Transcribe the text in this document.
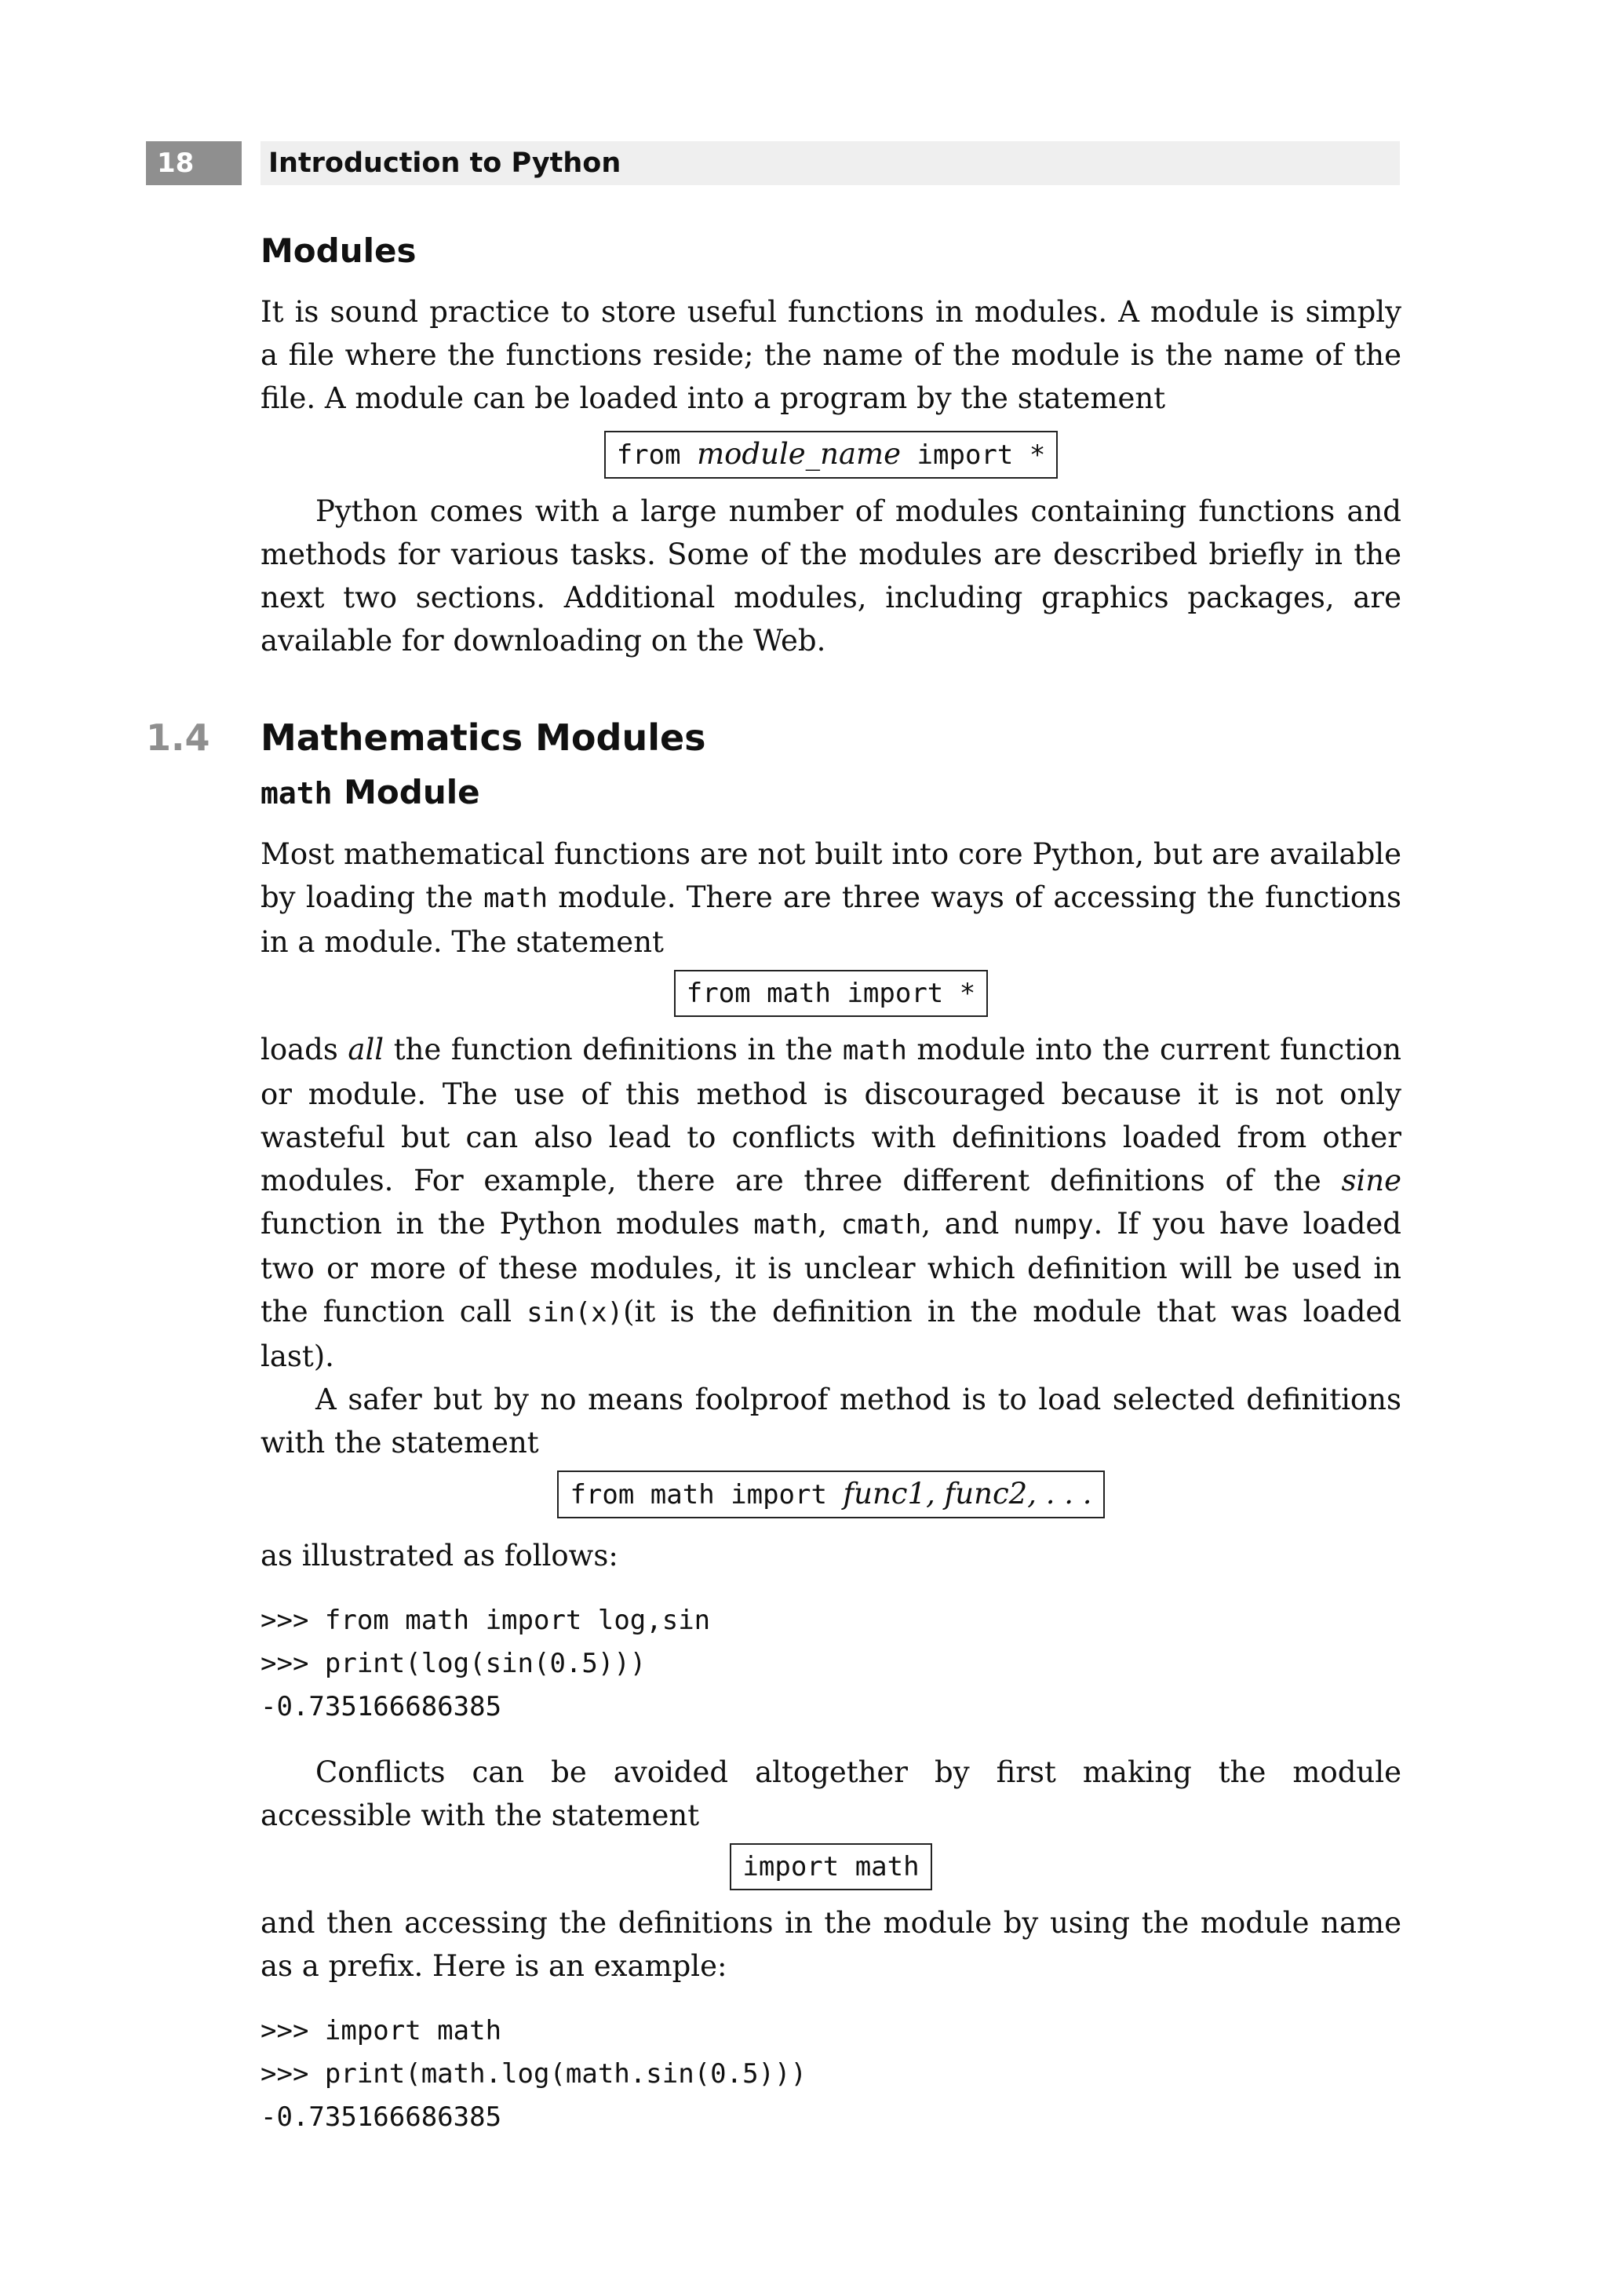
18	Introduction to Python
Modules

It is sound practice to store useful functions in modules. A module is simply a file where the functions reside; the name of the module is the name of the file. A module can be loaded into a program by the statement

from module_name import *

Python comes with a large number of modules containing functions and methods for various tasks. Some of the modules are described briefly in the next two sections. Additional modules, including graphics packages, are available for downloading on the Web.

1.4 Mathematics Modules
math Module

Most mathematical functions are not built into core Python, but are available by loading the math module. There are three ways of accessing the functions in a module. The statement

from math import *

loads all the function definitions in the math module into the current function or module. The use of this method is discouraged because it is not only wasteful but can also lead to conflicts with definitions loaded from other modules. For example, there are three different definitions of the sine function in the Python modules math, cmath, and numpy. If you have loaded two or more of these modules, it is unclear which definition will be used in the function call sin(x)(it is the definition in the module that was loaded last).

A safer but by no means foolproof method is to load selected definitions with the statement

from math import func1, func2, . . .

as illustrated as follows:

>>> from math import log,sin
>>> print(log(sin(0.5)))
-0.735166686385

Conflicts can be avoided altogether by first making the module accessible with the statement

import math

and then accessing the definitions in the module by using the module name as a prefix. Here is an example:

>>> import math
>>> print(math.log(math.sin(0.5)))
-0.735166686385
